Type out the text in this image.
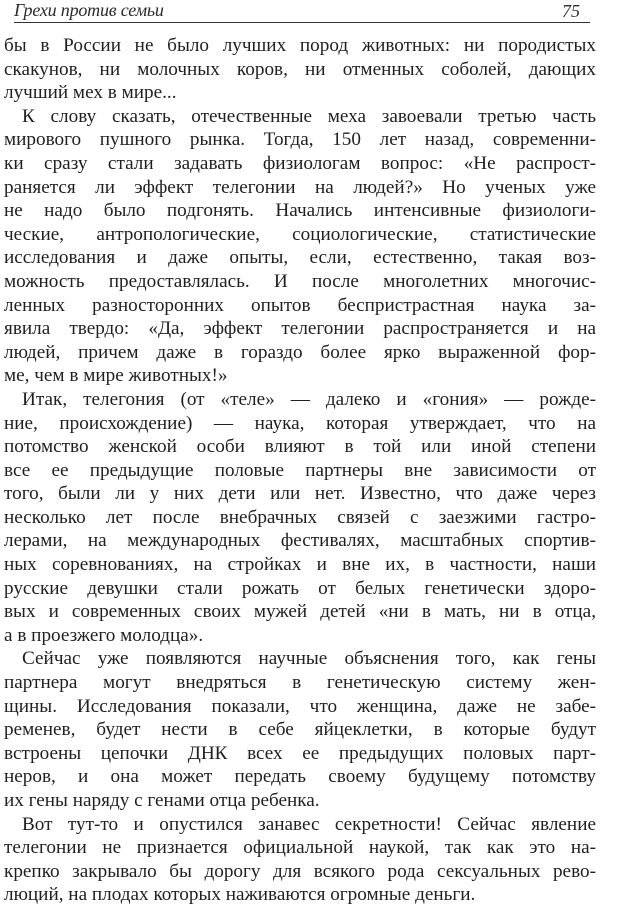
Грехи против семьи	75
бы в России не было лучших пород животных: ни породистых
скакунов, ни молочных коров, ни отменных соболей, дающих
лучший мех в мире...
К слову сказать, отечественные меха завоевали третью часть
мирового пушного рынка. Тогда, 150 лет назад, современни-
ки сразу стали задавать физиологам вопрос: «Не распрост-
раняется ли эффект телегонии на людей?» Но ученых уже
не надо было подгонять. Начались интенсивные физиологи-
ческие, антропологические, социологические, статистические
исследования и даже опыты, если, естественно, такая воз-
можность предоставлялась. И после многолетних многочис-
ленных разносторонних опытов беспристрастная наука за-
явила твердо: «Да, эффект телегонии распространяется и на
людей, причем даже в гораздо более ярко выраженной фор-
ме, чем в мире животных!»
Итак, телегония (от «теле» — далеко и «гония» — рожде-
ние, происхождение) — наука, которая утверждает, что на
потомство женской особи влияют в той или иной степени
все ее предыдущие половые партнеры вне зависимости от
того, были ли у них дети или нет. Известно, что даже через
несколько лет после внебрачных связей с заезжими гастро-
лерами, на международных фестивалях, масштабных спортив-
ных соревнованиях, на стройках и вне их, в частности, наши
русские девушки стали рожать от белых генетически здоро-
вых и современных своих мужей детей «ни в мать, ни в отца,
а в проезжего молодца».
Сейчас уже появляются научные объяснения того, как гены
партнера могут внедряться в генетическую систему жен-
щины. Исследования показали, что женщина, даже не забе-
ременев, будет нести в себе яйцеклетки, в которые будут
встроены цепочки ДНК всех ее предыдущих половых парт-
неров, и она может передать своему будущему потомству
их гены наряду с генами отца ребенка.
Вот тут-то и опустился занавес секретности! Сейчас явление
телегонии не признается официальной наукой, так как это на-
крепко закрывало бы дорогу для всякого рода сексуальных рево-
люций, на плодах которых наживаются огромные деньги.
